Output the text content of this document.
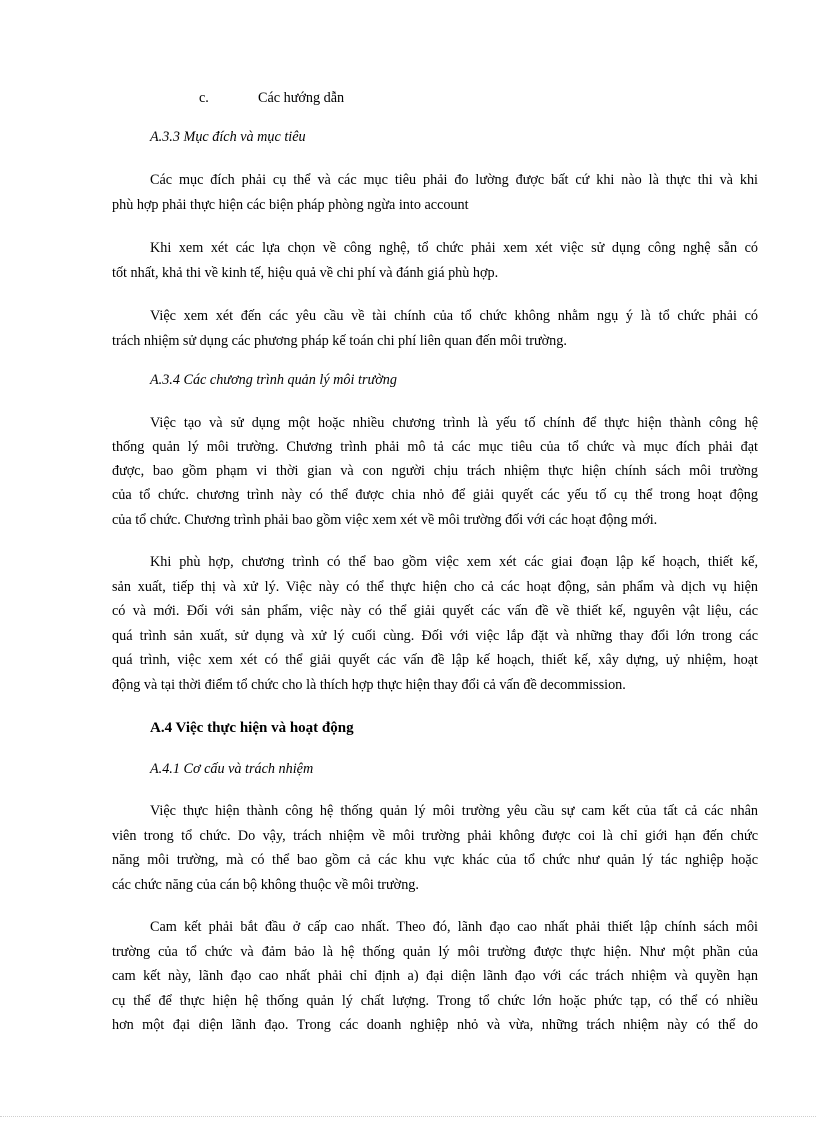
c.	Các hướng dẫn
A.3.3 Mục đích và mục tiêu
Các mục đích phải cụ thể và các mục tiêu phải đo lường được bất cứ khi nào là thực thi và khi
phù hợp phải thực hiện các biện pháp phòng ngừa into account
Khi xem xét các lựa chọn về công nghệ, tổ chức phải xem xét việc sử dụng công nghệ sẵn có
tốt nhất, khả thi về kinh tế, hiệu quả về chi phí và đánh giá phù hợp.
Việc xem xét đến các yêu cầu về tài chính của tổ chức không nhằm ngụ ý là tổ chức phải có
trách nhiệm sử dụng các phương pháp kế toán chi phí liên quan đến môi trường.
A.3.4 Các chương trình quản lý môi trường
Việc tạo và sử dụng một hoặc nhiều chương trình là yếu tố chính để thực hiện thành công hệ
thống quản lý môi trường. Chương trình phải mô tả các mục tiêu của tổ chức và mục đích phải đạt
được, bao gồm phạm vi thời gian và con người chịu trách nhiệm thực hiện chính sách môi trường
của tổ chức. chương trình này có thể được chia nhỏ để giải quyết các yếu tố cụ thể trong hoạt động
của tổ chức. Chương trình phải bao gồm việc xem xét về môi trường đối với các hoạt động mới.
Khi phù hợp, chương trình có thể bao gồm việc xem xét các giai đoạn lập kế hoạch, thiết kế,
sản xuất, tiếp thị và xử lý. Việc này có thể thực hiện cho cả các hoạt động, sản phẩm và dịch vụ hiện
có và mới. Đối với sản phẩm, việc này có thể giải quyết các vấn đề về thiết kế, nguyên vật liệu, các
quá trình sản xuất, sử dụng và xử lý cuối cùng. Đối với việc lắp đặt và những thay đổi lớn trong các
quá trình, việc xem xét có thể giải quyết các vấn đề lập kế hoạch, thiết kế, xây dựng, uỷ nhiệm, hoạt
động và tại thời điểm tổ chức cho là thích hợp thực hiện thay đổi cả vấn đề decommission.
A.4 Việc thực hiện và hoạt động
A.4.1 Cơ cấu và trách nhiệm
Việc thực hiện thành công hệ thống quản lý môi trường yêu cầu sự cam kết của tất cả các nhân
viên trong tổ chức. Do vậy, trách nhiệm về môi trường phải không được coi là chỉ giới hạn đến chức
năng môi trường, mà có thể bao gồm cả các khu vực khác của tổ chức như quản lý tác nghiệp hoặc
các chức năng của cán bộ không thuộc về môi trường.
Cam kết phải bắt đầu ở cấp cao nhất. Theo đó, lãnh đạo cao nhất phải thiết lập chính sách môi
trường của tổ chức và đảm bảo là hệ thống quản lý môi trường được thực hiện. Như một phần của
cam kết này, lãnh đạo cao nhất phải chỉ định a) đại diện lãnh đạo với các trách nhiệm và quyền hạn
cụ thể để thực hiện hệ thống quản lý chất lượng. Trong tổ chức lớn hoặc phức tạp, có thể có nhiều
hơn một đại diện lãnh đạo. Trong các doanh nghiệp nhỏ và vừa, những trách nhiệm này có thể do
